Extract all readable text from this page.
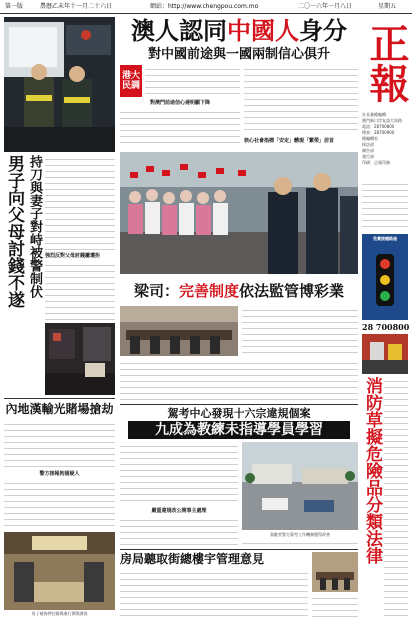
第一版	農曆乙未年十一月二十六日	網站： http://www.chengpou.com.mo	二〇一六年一月八日	星期五
男子向父母討錢不遂 持刀與妻子對峙被警制伏 強烈反對父母討錢屢遭拒
內地漢輸光賭場搶劫
警方接報拘捕疑人
男子被拘押往賭場進行實際調查
澳人認同中國人身分
對中國前途與一國兩制信心俱升
港大民調
對澳門前途信心達明顯下降
核心社會指標「安定」體現「繁榮」居首
梁司：完善制度依法監管博彩業
駕考中心發現十六宗違規個案
九成為教練未指導學員學習
嚴重違規改公開事主處理
駕駛者警方駕考工作機制獲得改善
房局聽取街總樓宇管理意見
正報
社長兼總編輯
澳門新口岸友誼大馬路
電話：28700800
傳真：28700900
總編輯室
採訪部
廣告部
發行部
印刷：正報印務
免費接種路過
28 700800
消防草擬危險品分類法律
